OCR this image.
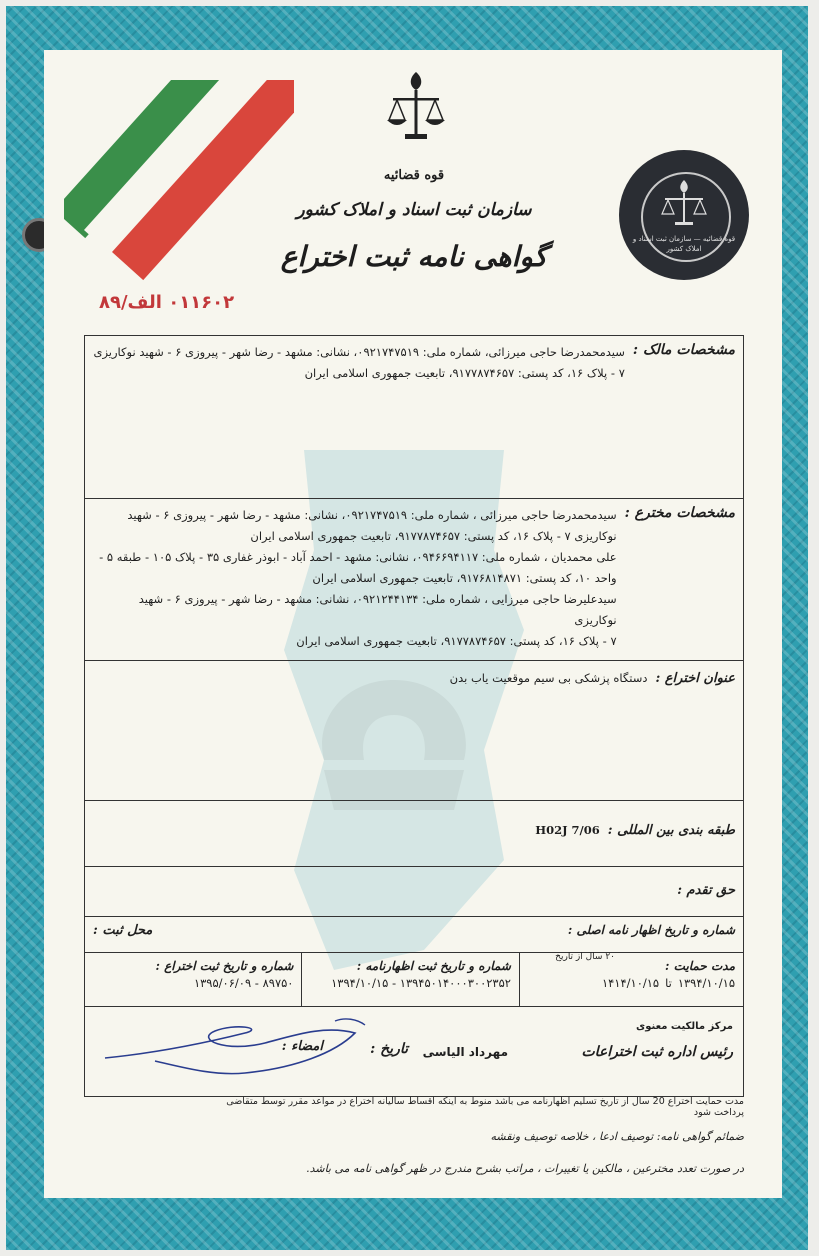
قوه قضائیه
سازمان ثبت اسناد و املاک کشور
گواهی نامه ثبت اختراع
قوه قضائیه — سازمان ثبت اسناد و املاک کشور
۰۱۱۶۰۲ الف/۸۹
مشخصات مالک :
سیدمحمدرضا حاجی میرزائی، شماره ملی: ۰۹۲۱۷۴۷۵۱۹، نشانی: مشهد - رضا شهر - پیروزی ۶ - شهید نوکاریزی ۷ - پلاک ۱۶، کد پستی: ۹۱۷۷۸۷۴۶۵۷، تابعیت جمهوری اسلامی ایران

مشخصات مخترع :
سیدمحمدرضا حاجی میرزائی ، شماره ملی: ۰۹۲۱۷۴۷۵۱۹، نشانی: مشهد - رضا شهر - پیروزی ۶ - شهید
نوکاریزی ۷ - پلاک ۱۶، کد پستی: ۹۱۷۷۸۷۴۶۵۷، تابعیت جمهوری اسلامی ایران
علی محمدیان ، شماره ملی: ۰۹۴۶۶۹۴۱۱۷، نشانی: مشهد - احمد آباد - ابوذر غفاری ۳۵ - پلاک ۱۰۵ - طبقه ۵ -
واحد ۱۰، کد پستی: ۹۱۷۶۸۱۴۸۷۱، تابعیت جمهوری اسلامی ایران
سیدعلیرضا حاجی میرزایی ، شماره ملی: ۰۹۲۱۲۴۴۱۳۴، نشانی: مشهد - رضا شهر - پیروزی ۶ - شهید نوکاریزی
۷ - پلاک ۱۶، کد پستی: ۹۱۷۷۸۷۴۶۵۷، تابعیت جمهوری اسلامی ایران

عنوان اختراع :
دستگاه پزشکی بی سیم موقعیت یاب بدن

طبقه بندی بین المللی :
H02J 7/06

حق تقدم :

شماره و تاریخ اظهار نامه اصلی :
محل ثبت :

مدت حمایت :
۱۳۹۴/۱۰/۱۵
تا
۱۴۱۴/۱۰/۱۵
۲۰ سال از تاریخ

شماره و تاریخ ثبت اظهارنامه :
۱۳۹۴۵۰۱۴۰۰۰۳۰۰۲۳۵۲ - ۱۳۹۴/۱۰/۱۵

شماره و تاریخ ثبت اختراع :
۸۹۷۵۰ - ۱۳۹۵/۰۶/۰۹

مرکز مالکیت معنوی
رئیس اداره ثبت اختراعات
مهرداد الیاسی
تاریخ :
امضاء :
مدت حمایت اختراع 20 سال از تاریخ تسلیم اظهارنامه می باشد منوط به اینکه اقساط سالیانه اختراع در مواعد مقرر توسط متقاضی پرداخت شود
ضمائم گواهی نامه: توصیف ادعا ، خلاصه توصیف ونقشه
در صورت تعدد مخترعین ، مالکین یا تغییرات ، مراتب بشرح مندرج در ظهر گواهی نامه می باشد.
